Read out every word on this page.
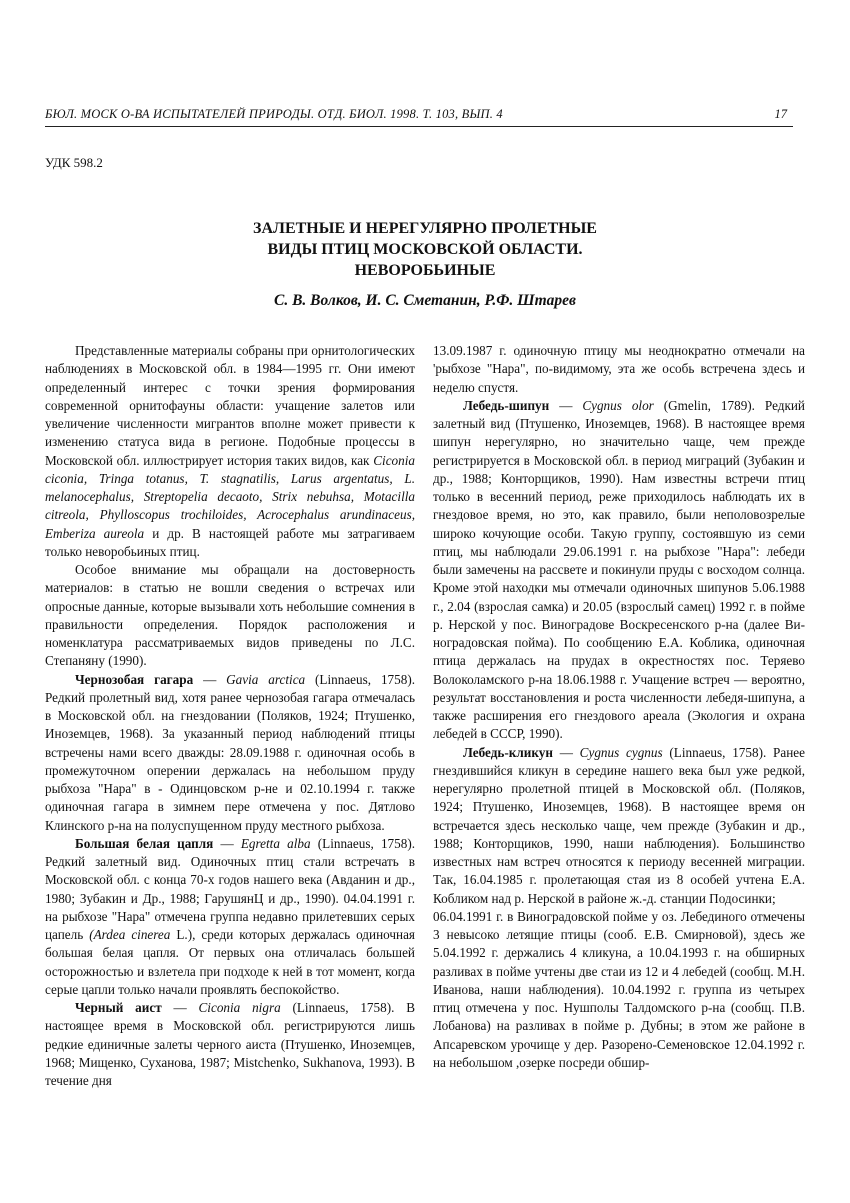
БЮЛ. МОСК О-ВА ИСПЫТАТЕЛЕЙ ПРИРОДЫ. ОТД. БИОЛ. 1998. Т. 103, ВЫП. 4	17
УДК 598.2
ЗАЛЕТНЫЕ И НЕРЕГУЛЯРНО ПРОЛЕТНЫЕ
ВИДЫ ПТИЦ МОСКОВСКОЙ ОБЛАСТИ.
НЕВОРОБЬИНЫЕ
С. В. Волков, И. С. Сметанин, Р.Ф. Штарев

Представленные материалы собраны при орнитологических наблюдениях в Московской обл. в 1984—1995 гг. Они имеют определенный интерес с точки зрения формирования современной орнитофауны области: учащение залетов или увеличение численности мигрантов вполне может привести к изменению статуса вида в регионе. Подобные процессы в Московской обл. иллюстрирует история таких видов, как Ciconia ciconia, Tringa totanus, T. stagnatilis, Larus argentatus, L. melanocephalus, Streptopelia decaoto, Strix nebuhsa, Motacilla citreola, Phylloscopus trochiloides, Acrocephalus arundinaceus, Emberiza aureola и др. В настоящей работе мы затрагиваем только неворобьиных птиц.

Особое внимание мы обращали на достоверность материалов: в статью не вошли сведения о встречах или опросные данные, которые вызывали хоть небольшие сомнения в правильности определения. Порядок расположения и номенклатура рассматриваемых видов приведены по Л.С. Степаняну (1990).

Чернозобая гагара — Gavia arctica (Linnaeus, 1758). Редкий пролетный вид, хотя ранее чернозобая гагара отмечалась в Московской обл. на гнездовании (Поляков, 1924; Птушенко, Иноземцев, 1968). За указанный период наблюдений птицы встречены нами всего дважды: 28.09.1988 г. одиночная особь в промежуточном оперении держалась на небольшом пруду рыбхоза "Нара" в - Одинцовском р-не и 02.10.1994 г. также одиночная гагара в зимнем пере отмечена у пос. Дятлово Клинского р-на на полуспущенном пруду местного рыбхоза.

Большая белая цапля — Egretta alba (Linnaeus, 1758). Редкий залетный вид. Одиночных птиц стали встречать в Московской обл. с конца 70-х годов нашего века (Авданин и др., 1980; Зубакин и Др., 1988; ГарушянЦ и др., 1990). 04.04.1991 г. на рыбхозе "Нара" отмечена группа недавно прилетевших серых цапель (Ardea cinerea L.), среди которых держалась одиночная большая белая цапля. От первых она отличалась большей осторожностью и взлетела при подходе к ней в тот момент, когда серые цапли только начали проявлять беспокойство.

Черный аист — Ciconia nigra (Linnaeus, 1758). В настоящее время в Московской обл. регистрируются лишь редкие единичные залеты черного аиста (Птушенко, Иноземцев, 1968; Мищенко, Суханова, 1987; Mistchenko, Sukhanova, 1993). В течение дня

13.09.1987 г. одиночную птицу мы неоднократно отмечали на 'рыбхозе "Нара", по-видимому, эта же особь встречена здесь и неделю спустя.

Лебедь-шипун — Cygnus olor (Gmelin, 1789). Редкий залетный вид (Птушенко, Иноземцев, 1968). В настоящее время шипун нерегулярно, но значительно чаще, чем прежде регистрируется в Московской обл. в период миграций (Зубакин и др., 1988; Конторщиков, 1990). Нам известны встречи птиц только в весенний период, реже приходилось наблюдать их в гнездовое время, но это, как правило, были неполовозрелые широко кочующие особи. Такую группу, состоявшую из семи птиц, мы наблюдали 29.06.1991 г. на рыбхозе "Нара": лебеди были замечены на рассвете и покинули пруды с восходом солнца. Кроме этой находки мы отмечали одиночных шипунов 5.06.1988 г., 2.04 (взрослая самка) и 20.05 (взрослый самец) 1992 г. в пойме р. Нерской у пос. Виноградове Воскресенского р-на (далее Виноградовская пойма). По сообщению Е.А. Коблика, одиночная птица держалась на прудах в окрестностях пос. Теряево Волоколамского р-на 18.06.1988 г. Учащение встреч — вероятно, результат восстановления и роста численности лебедя-шипуна, а также расширения его гнездового ареала (Экология и охрана лебедей в СССР, 1990).

Лебедь-кликун — Cygnus cygnus (Linnaeus, 1758). Ранее гнездившийся кликун в середине нашего века был уже редкой, нерегулярно пролетной птицей в Московской обл. (Поляков, 1924; Птушенко, Иноземцев, 1968). В настоящее время он встречается здесь несколько чаще, чем прежде (Зубакин и др., 1988; Конторщиков, 1990, наши наблюдения). Большинство известных нам встреч относятся к периоду весенней миграции. Так, 16.04.1985 г. пролетающая стая из 8 особей учтена Е.А. Кобликом над р. Нерской в районе ж.-д. станции Подосинки;

06.04.1991 г. в Виноградовской пойме у оз. Лебединого отмечены 3 невысоко летящие птицы (сооб. Е.В. Смирновой), здесь же 5.04.1992 г. держались 4 кликуна, а 10.04.1993 г. на обширных разливах в пойме учтены две стаи из 12 и 4 лебедей (сообщ. М.Н. Иванова, наши наблюдения). 10.04.1992 г. группа из четырех птиц отмечена у пос. Нушполы Талдомского р-на (сообщ. П.В. Лобанова) на разливах в пойме р. Дубны; в этом же районе в Апсаревском урочище у дер. Разорено-Семеновское 12.04.1992 г. на небольшом ,озерке посреди обшир-
